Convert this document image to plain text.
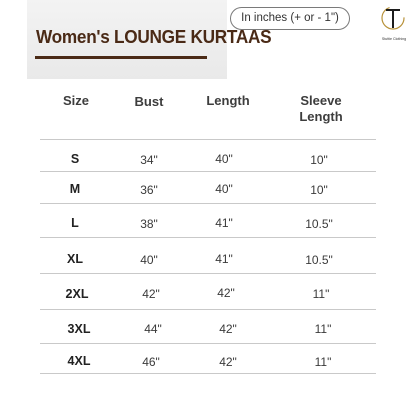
Women's LOUNGE KURTAAS
In inches (+ or - 1")
Stuttie Clothing
Size	Bust	Length	Sleeve Length
S	34"	40"	10"
M	36"	40"	10"
L	38"	41"	10.5"
XL	40"	41"	10.5"
2XL	42"	42"	11"
3XL	44"	42"	11"
4XL	46"	42"	11"
